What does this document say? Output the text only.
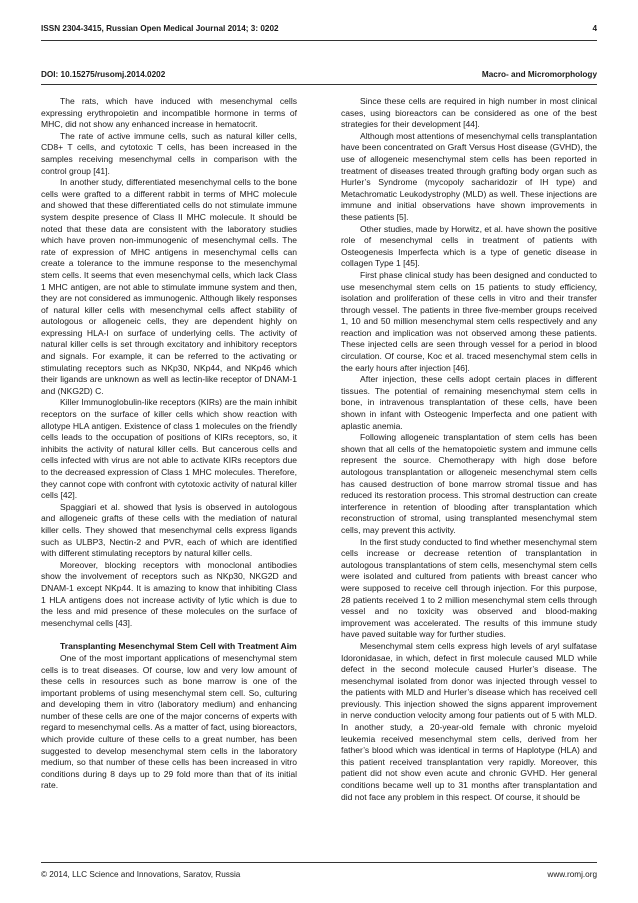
ISSN 2304-3415, Russian Open Medical Journal 2014; 3: 0202	4
DOI: 10.15275/rusomj.2014.0202	Macro- and Micromorphology

The rats, which have induced with mesenchymal cells expressing erythropoietin and incompatible hormone in terms of MHC, did not show any enhanced increase in hematocrit.

The rate of active immune cells, such as natural killer cells, CD8+ T cells, and cytotoxic T cells, has been increased in the samples receiving mesenchymal cells in comparison with the control group [41].

In another study, differentiated mesenchymal cells to the bone cells were grafted to a different rabbit in terms of MHC molecule and showed that these differentiated cells do not stimulate immune system despite presence of Class II MHC molecule. It should be noted that these data are consistent with the laboratory studies which have proven non-immunogenic of mesenchymal cells. The rate of expression of MHC antigens in mesenchymal cells can create a tolerance to the immune response to the mesenchymal stem cells. It seems that even mesenchymal cells, which lack Class 1 MHC antigen, are not able to stimulate immune system and then, they are not considered as immunogenic. Although likely responses of natural killer cells with mesenchymal cells affect stability of autologous or allogeneic cells, they are dependent highly on expressing HLA-I on surface of underlying cells. The activity of natural killer cells is set through excitatory and inhibitory receptors and signals. For example, it can be referred to the activating or stimulating receptors such as NKp30, NKp44, and NKp46 which their ligands are unknown as well as lectin-like receptor of DNAM-1 and (NKG2D) C.

Killer Immunoglobulin-like receptors (KIRs) are the main inhibit receptors on the surface of killer cells which show reaction with allotype HLA antigen. Existence of class 1 molecules on the friendly cells leads to the occupation of positions of KIRs receptors, so, it inhibits the activity of natural killer cells. But cancerous cells and cells infected with virus are not able to activate KIRs receptors due to the decreased expression of Class 1 MHC molecules. Therefore, they cannot cope with confront with cytotoxic activity of natural killer cells [42].

Spaggiari et al. showed that lysis is observed in autologous and allogeneic grafts of these cells with the mediation of natural killer cells. They showed that mesenchymal cells express ligands such as ULBP3, Nectin-2 and PVR, each of which are identified with different stimulating receptors by natural killer cells.

Moreover, blocking receptors with monoclonal antibodies show the involvement of receptors such as NKp30, NKG2D and DNAM-1 except NKp44. It is amazing to know that inhibiting Class 1 HLA antigens does not increase activity of lytic which is due to the less and mid presence of these molecules on the surface of mesenchymal cells [43].

Transplanting Mesenchymal Stem Cell with Treatment Aim

One of the most important applications of mesenchymal stem cells is to treat diseases. Of course, low and very low amount of these cells in resources such as bone marrow is one of the important problems of using mesenchymal stem cell. So, culturing and developing them in vitro (laboratory medium) and enhancing number of these cells are one of the major concerns of experts with regard to mesenchymal cells. As a matter of fact, using bioreactors, which provide culture of these cells to a great number, has been suggested to develop mesenchymal stem cells in the laboratory medium, so that number of these cells has been increased in vitro conditions during 8 days up to 29 fold more than that of its initial rate.

Since these cells are required in high number in most clinical cases, using bioreactors can be considered as one of the best strategies for their development [44].

Although most attentions of mesenchymal cells transplantation have been concentrated on Graft Versus Host disease (GVHD), the use of allogeneic mesenchymal stem cells has been reported in treatment of diseases treated through grafting body organ such as Hurler’s Syndrome (mycopoly sacharidozir of IH type) and Metachromatic Leukodystrophy (MLD) as well. These injections are immune and initial observations have shown improvements in these patients [5].

Other studies, made by Horwitz, et al. have shown the positive role of mesenchymal cells in treatment of patients with Osteogenesis Imperfecta which is a type of genetic disease in collagen Type 1 [45].

First phase clinical study has been designed and conducted to use mesenchymal stem cells on 15 patients to study efficiency, isolation and proliferation of these cells in vitro and their transfer through vessel. The patients in three five-member groups received 1, 10 and 50 million mesenchymal stem cells respectively and any reaction and implication was not observed among these patients. These injected cells are seen through vessel for a period in blood circulation. Of course, Koc et al. traced mesenchymal stem cells in the early hours after injection [46].

After injection, these cells adopt certain places in different tissues. The potential of remaining mesenchymal stem cells in bone, in intravenous transplantation of these cells, have been shown in infant with Osteogenic Imperfecta and one patient with aplastic anemia.

Following allogeneic transplantation of stem cells has been shown that all cells of the hematopoietic system and immune cells represent the source. Chemotherapy with high dose before autologous transplantation or allogeneic mesenchymal stem cells has caused destruction of bone marrow stromal tissue and has reduced its restoration process. This stromal destruction can create interference in retention of blooding after transplantation which reconstruction of stromal, using transplanted mesenchymal stem cells, may prevent this activity.

In the first study conducted to find whether mesenchymal stem cells increase or decrease retention of transplantation in autologous transplantations of stem cells, mesenchymal stem cells were isolated and cultured from patients with breast cancer who were supposed to receive cell through injection. For this purpose, 28 patients received 1 to 2 million mesenchymal stem cells through vessel and no toxicity was observed and blood-making improvement was accelerated. The results of this immune study have paved suitable way for further studies.

Mesenchymal stem cells express high levels of aryl sulfatase Idoronidasae, in which, defect in first molecule caused MLD while defect in the second molecule caused Hurler’s disease. The mesenchymal isolated from donor was injected through vessel to the patients with MLD and Hurler’s disease which has received cell previously. This injection showed the signs apparent improvement in nerve conduction velocity among four patients out of 5 with MLD. In another study, a 20-year-old female with chronic myeloid leukemia received mesenchymal stem cells, derived from her father’s blood which was identical in terms of Haplotype (HLA) and this patient received transplantation very rapidly. Moreover, this patient did not show even acute and chronic GVHD. Her general conditions became well up to 31 months after transplantation and did not face any problem in this respect. Of course, it should be

© 2014, LLC Science and Innovations, Saratov, Russia	www.romj.org
